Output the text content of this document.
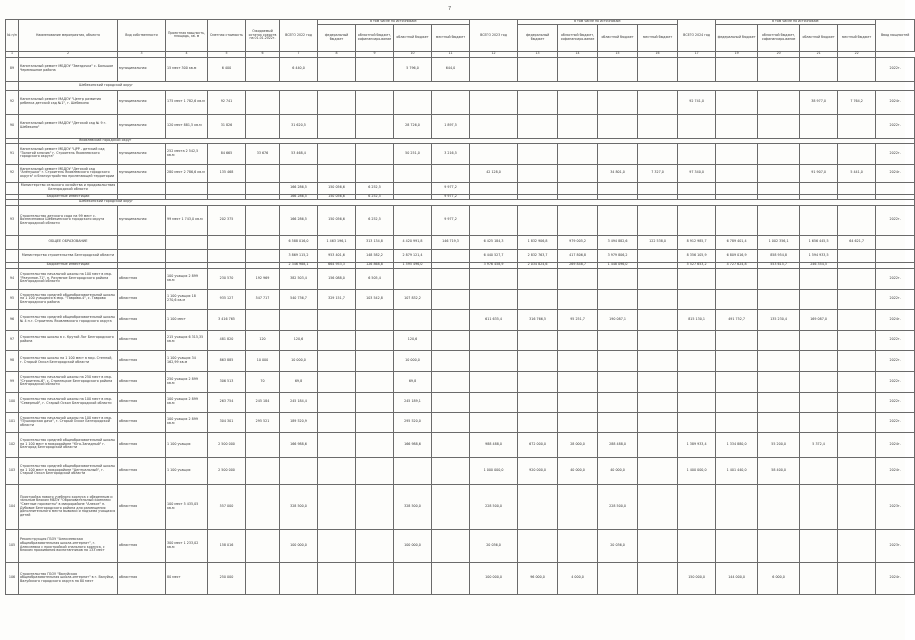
7
№ п/п	Наименование мероприятия, объекта	Вид собственности	Проектная мощность, площадь, кв. м	Сметная стоимость	Ожидаемый остаток средств на 01.01.2022г.	ВСЕГО 2022 год	в том числе по источникам:				ВСЕГО 2023 год	в том числе по источникам:				ВСЕГО 2024 год	в том числе по источникам:				Ввод мощностей
							федеральный бюджет	областной бюджет, софинансиро-вание	областной бюджет	местный бюджет		федеральный бюджет	областной бюджет, софинансиро-вание	областной бюджет	местный бюджет		федеральный бюджет	областной бюджет, софинансиро-вание	областной бюджет	местный бюджет	
1	2	3	4	5	6	7	8	9	10	11	12	13	14	15	16	17	19	20	21	22	
89	Капитальный ремонт МБДОУ "Звездочка" с. Большое Черемошное района	муниципальная	15 мест 300 кв.м	6 400		6 440,0			5 796,0	644,0											2022г.
	Шебекинский городской округ																				
92	Капитальный ремонт МАДОУ "Центр развития ребенка детский сад №1", г. Шебекино	муниципальная	175 мест 1 782,6 кв.м	92 741												92 741,0			38 977,0	7 764,2	2024г.
90	Капитальный ремонт МАДОУ "Детский сад № 9 г. Шебекино"	муниципальная	120 мест 881,5 кв.м	31 826		31 620,5			28 726,0	1 897,5											2022г.
	Яковлевский городской округ																				
91	Капитальный ремонт МБДОУ "ЦРР - детский сад "Золотой ключик" г. Строитель Яковлевского городского округа"	муниципальная	252 места 2 542,5 кв.м	84 665	33 676	53 468,4			50 251,0	3 216,5											2022г.
92	Капитальный ремонт МБДОУ "Детский сад "Алёнушка" г. Строитель Яковлевского городского округа" и благоустройство прилегающей территории	муниципальная	280 мест 2 786,6 кв.м	135 468							42 128,0			34 801,0	7 327,0	97 340,0			91 907,0	5 441,0	2024г.
	Министерство сельского хозяйства и продовольствия Белгородской области					166 286,5	150 056,6	6 252,5		9 977,2											
	Бюджетные инвестиции					166 286,5	150 056,6	6 252,5		9 977,2											
	Шебекинский городской округ																				
93	Строительство детского сада на 99 мест с. Вознесеновка Шебекинского городского округа Белгородской области	муниципальная	99 мест 1 743,0 кв.м	202 375		166 286,5	150 056,6	6 252,5		9 977,2											2022г.
	ОБЩЕЕ ОБРАЗОВАНИЕ					6 588 016,0	1 463 196,1	313 134,8	4 420 991,8	146 719,3	6 425 184,3	1 832 906,8	979 005,2	3 494 882,6	122 538,0	8 912 985,7	6 789 401,4	1 002 356,1	1 656 445,5	64 621,7	
	Министерство строительства Белгородской области					3 869 115,2	953 401,6	148 582,2	2 879 121,4		6 440 527,7	2 832 763,7	417 806,8	3 979 806,2		8 356 105,9	6 809 016,9	858 954,8	1 594 933,5		
	Бюджетные инвестиции					2 346 988,1	664 953,3	126 868,8	1 595 496,0		3 976 458,9	2 034 824,6	269 848,7	1 448 096,0		5 527 653,2	4 727 624,8	553 615,7	246 354,5		
94	Строительство начальной школы на 100 мест в мкр. "Разумное-71", п. Разумное Белгородского района Белгородской области	областная	100 учащих 2 899 кв.м	230 570	192 969	382 503,4	156 088,0	6 505,4													2022г.
95	Строительство средней общеобразовательной школы на 1 100 учащихся в мкр. "Таврово-4", с. Таврово Белгородского района	областная	1 100 учащих 18 270,6 кв.м	935 127	547 717	540 736,7	329 151,7	103 542,8	107 832,2												2022г.
96	Строительство средней общеобразовательной школы № 4 п.г. Строитель Яковлевского городского округа	областная	1 100 мест	3 416 765							611 635,4	316 766,5	95 251,7	190 087,1		815 130,1	491 752,7	135 230,4	169 087,0		2024г.
97	Строительство школы в с. Крутой Лог Белгородского района	областная	215 учащих 6 315,35 кв.м	481 820	120	120,6			120,6												2022г.
98	Строительство школы на 1 100 мест в мкр. Степной, г. Старый Оскол Белгородской области	областная	1 100 учащих 34 162,99 кв.м	863 885	10 000	10 000,0			10 000,0												2022г.
99	Строительство начальной школы на 250 мест в мкр. "Строитель-6", с. Стрелецкое Белгородского района Белгородской области	областная	250 учащих 2 899 кв.м	306 513	70	69,8			69,8												2022г.
100	Строительство начальной школы на 100 мест в мкр. "Северный", г. Старый Оскол Белгородской области	областная	100 учащих 2 899 кв.м	263 754	245 184	245 184,4			245 189,1												2022г.
101	Строительство начальной школы на 100 мест в мкр. "Пушкарская дача", г. Старый Оскол Белгородской области	областная	100 учащих 2 899 кв.м	304 301	295 521	189 520,9			295 520,0												2022г.
102	Строительство средней общеобразовательной школы на 1 100 мест в микрорайоне "Юго-Западный" г. Белгород Белгородской области	областная	1 100 учащих	2 500 000		166 988,6			166 988,6		988 488,0	672 000,0	28 000,0	288 488,0		1 389 933,4	1 334 880,0	55 200,0	5 372,4		2024г.
103	Строительство средней общеобразовательной школы на 1 100 мест в микрорайоне "Центральный", г. Старый Оскол Белгородской области	областная	1 100 учащих	2 500 000							1 000 000,0	920 000,0	40 000,0	40 000,0		1 400 000,0	1 401 440,0	58 400,0			2024г.
104	Пристройка нового учебного корпуса с обеденным и зальным блоком МБОУ "Образовательный комплекс "Светлые горизонты" в микрорайоне "Алексе" п. Дубовое Белгородского района для размещения дополнительного места вывозки и подъема учащихся детей	областная	100 мест 5 435,05 кв.м	557 000		328 500,0			328 500,0		228 500,0			228 500,0							2023г.
105	Реконструкция ГБОУ "Алексеевская общеобразовательная школа-интернат", г. Алексеевка с пристройкой спального корпуса, с блоком проживания воспитанников на 133 мест	областная	300 мест 1 233,02 кв.м	158 016		100 000,0			100 000,0		20 036,0			20 036,0							2023г.
106	Строительство ГБОУ "Валуйская общеобразовательная школа-интернат" в г. Валуйки, Валуйского городского округа на 80 мест	областная	80 мест	250 000							100 000,0	96 000,0	4 000,0			150 000,0	144 000,0	6 000,0			2024г.
